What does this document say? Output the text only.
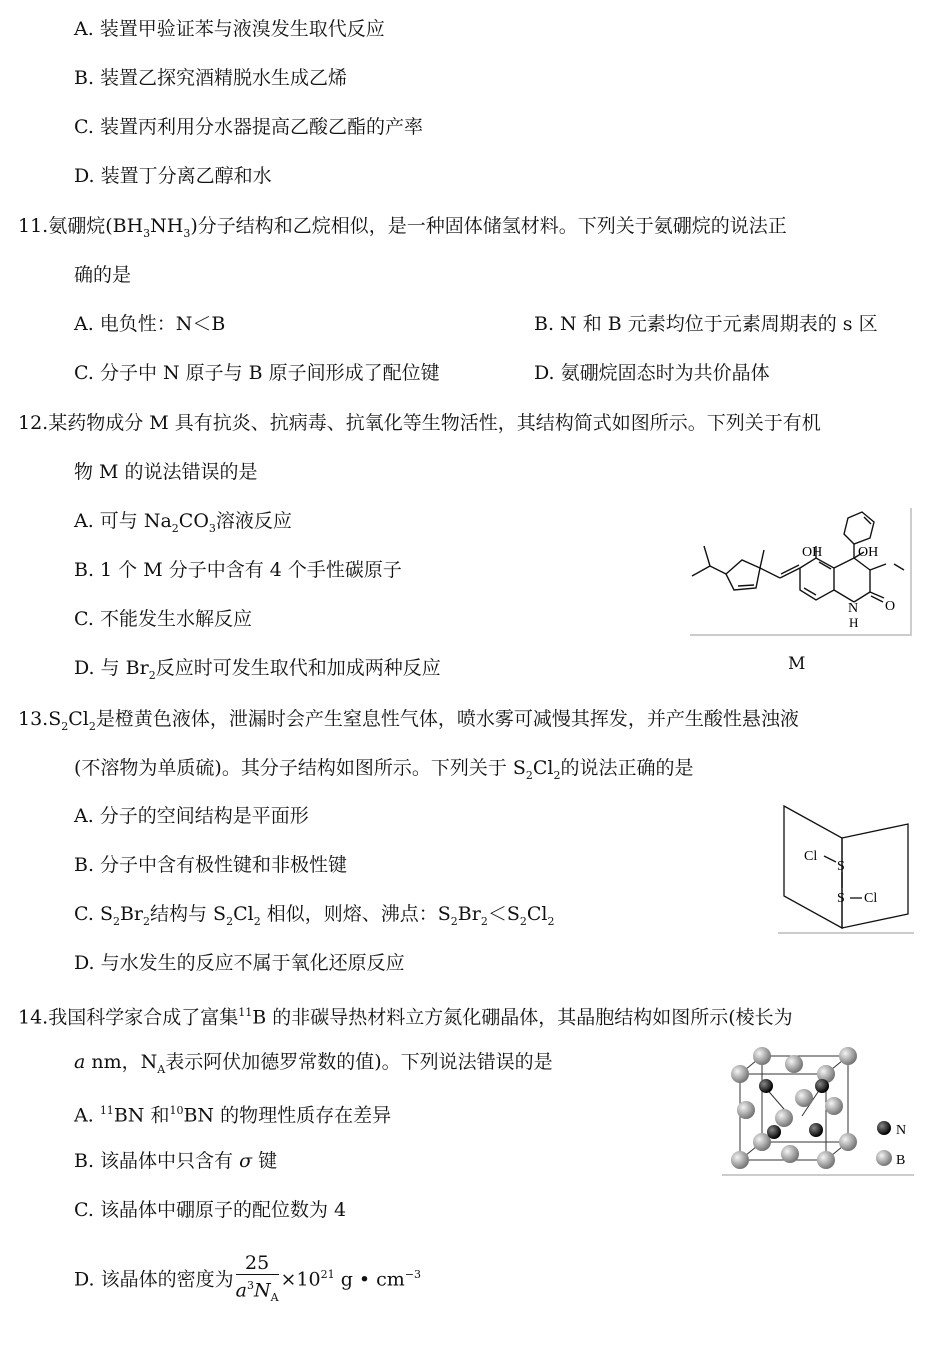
A. 装置甲验证苯与液溴发生取代反应
B. 装置乙探究酒精脱水生成乙烯
C. 装置丙利用分水器提高乙酸乙酯的产率
D. 装置丁分离乙醇和水
11.氨硼烷$(BH_3NH_3)$分子结构和乙烷相似，是一种固体储氢材料。下列关于氨硼烷的说法正
确的是
A. 电负性：N＜B	B. N 和 B 元素均位于元素周期表的 s 区
C. 分子中 N 原子与 B 原子间形成了配位键	D. 氨硼烷固态时为共价晶体
12.某药物成分 M 具有抗炎、抗病毒、抗氧化等生物活性，其结构简式如图所示。下列关于有机
物 M 的说法错误的是
A. 可与 $Na_2CO_3$溶液反应
B. 1 个 M 分子中含有 4 个手性碳原子
C. 不能发生水解反应
D. 与 $Br_2$反应时可发生取代和加成两种反应
OH	OH
N
H
O
M
$13.S_2Cl_2$是橙黄色液体，泄漏时会产生窒息性气体，喷水雾可减慢其挥发，并产生酸性悬浊液
(不溶物为单质硫)。其分子结构如图所示。下列关于 $S_2Cl_2$的说法正确的是
A. 分子的空间结构是平面形
B. 分子中含有极性键和非极性键
C. $S_2Br_2$结构与 $S_2Cl_2$ 相似，则熔、沸点：$S_2Br_2<S_2Cl_2$
D. 与水发生的反应不属于氧化还原反应
Cl
S
S Cl
14.我国科学家合成了富集$^{11}$B 的非碳导热材料立方氮化硼晶体，其晶胞结构如图所示(棱长为
a nm，$N_A$表示阿伏加德罗常数的值)。下列说法错误的是
A. $^{11}$BN 和$^{10}$BN 的物理性质存在差异
B. 该晶体中只含有 σ 键
C. 该晶体中硼原子的配位数为 4
D. 该晶体的密度为 $\frac{25}{a^3N_A} \times 10^{21}$ g • $cm^{-3}$
N
B
